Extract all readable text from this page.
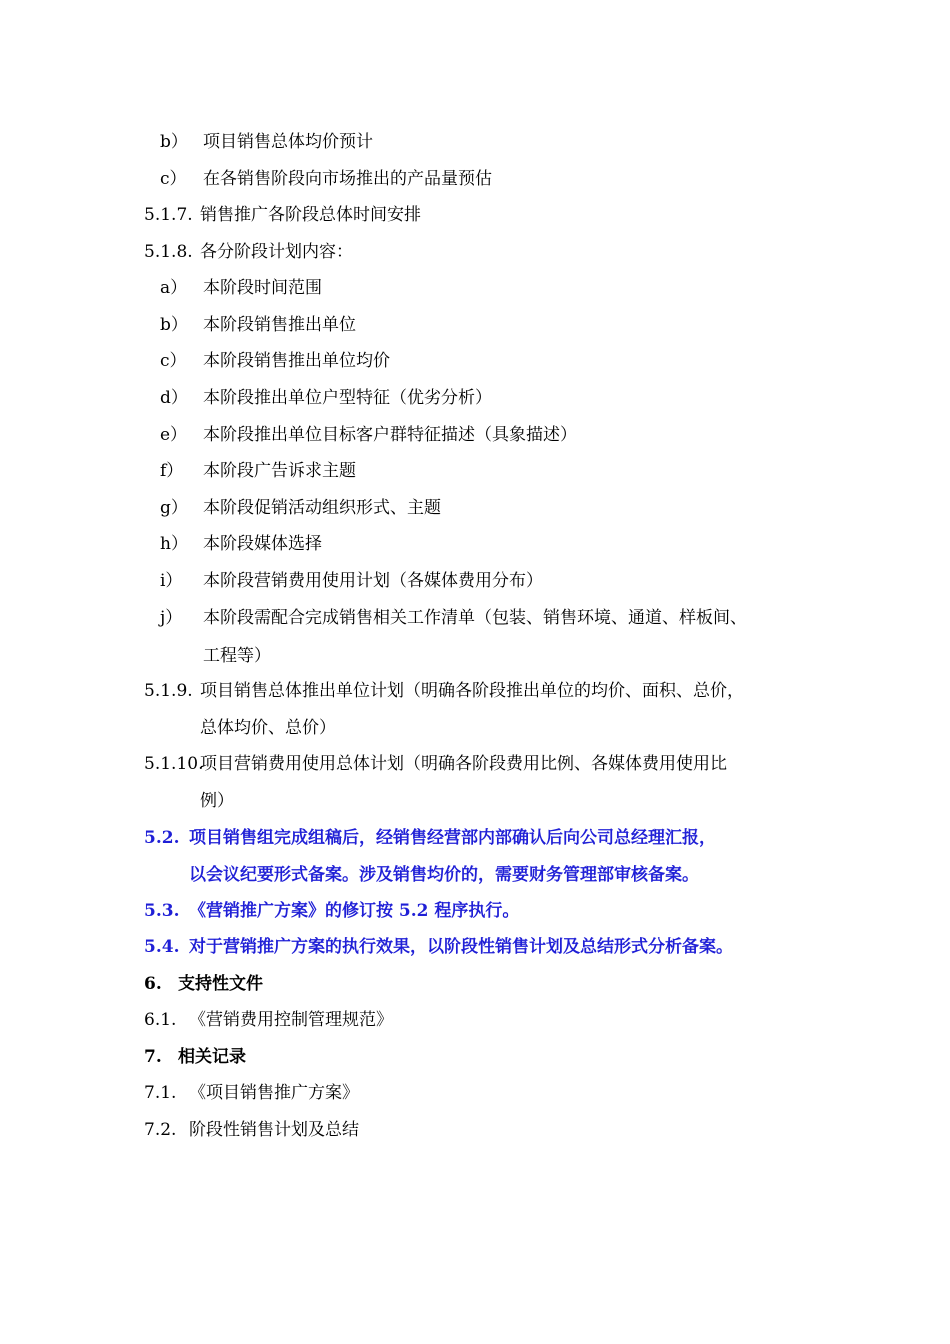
b） 项目销售总体均价预计
c） 在各销售阶段向市场推出的产品量预估
5.1.7. 销售推广各阶段总体时间安排
5.1.8. 各分阶段计划内容：
a） 本阶段时间范围
b） 本阶段销售推出单位
c） 本阶段销售推出单位均价
d） 本阶段推出单位户型特征（优劣分析）
e） 本阶段推出单位目标客户群特征描述（具象描述）
f） 本阶段广告诉求主题
g） 本阶段促销活动组织形式、主题
h） 本阶段媒体选择
i） 本阶段营销费用使用计划（各媒体费用分布）
j） 本阶段需配合完成销售相关工作清单（包装、销售环境、通道、样板间、
工程等）
5.1.9. 项目销售总体推出单位计划（明确各阶段推出单位的均价、面积、总价，
总体均价、总价）
5.1.10.
项目营销费用使用总体计划（明确各阶段费用比例、各媒体费用使用比
例）
5.2. 项目销售组完成组稿后，经销售经营部内部确认后向公司总经理汇报，
以会议纪要形式备案。涉及销售均价的，需要财务管理部审核备案。
5.3. 《营销推广方案》的修订按 5.2 程序执行。
5.4. 对于营销推广方案的执行效果，以阶段性销售计划及总结形式分析备案。
6. 支持性文件
6.1. 《营销费用控制管理规范》
7. 相关记录
7.1. 《项目销售推广方案》
7.2. 阶段性销售计划及总结
